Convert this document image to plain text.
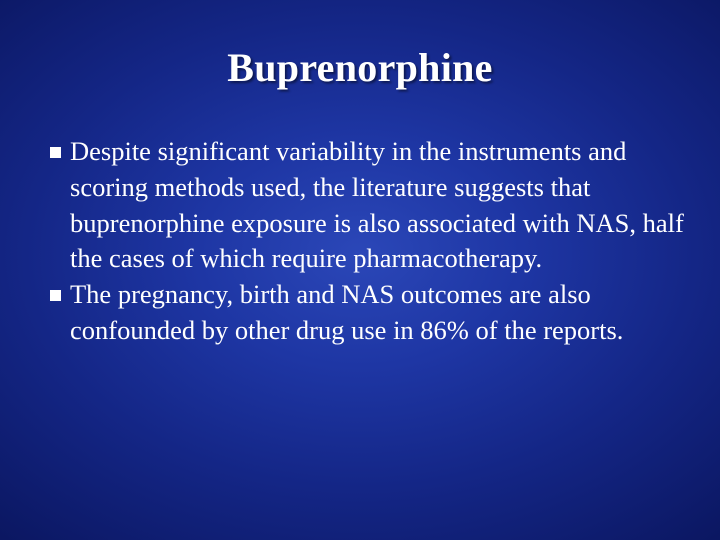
Buprenorphine
Despite significant variability in the instruments and scoring methods used, the literature suggests that buprenorphine exposure is also associated with NAS, half the cases of which require pharmacotherapy.
The pregnancy, birth and NAS outcomes are also confounded by other drug use in 86% of the reports.
